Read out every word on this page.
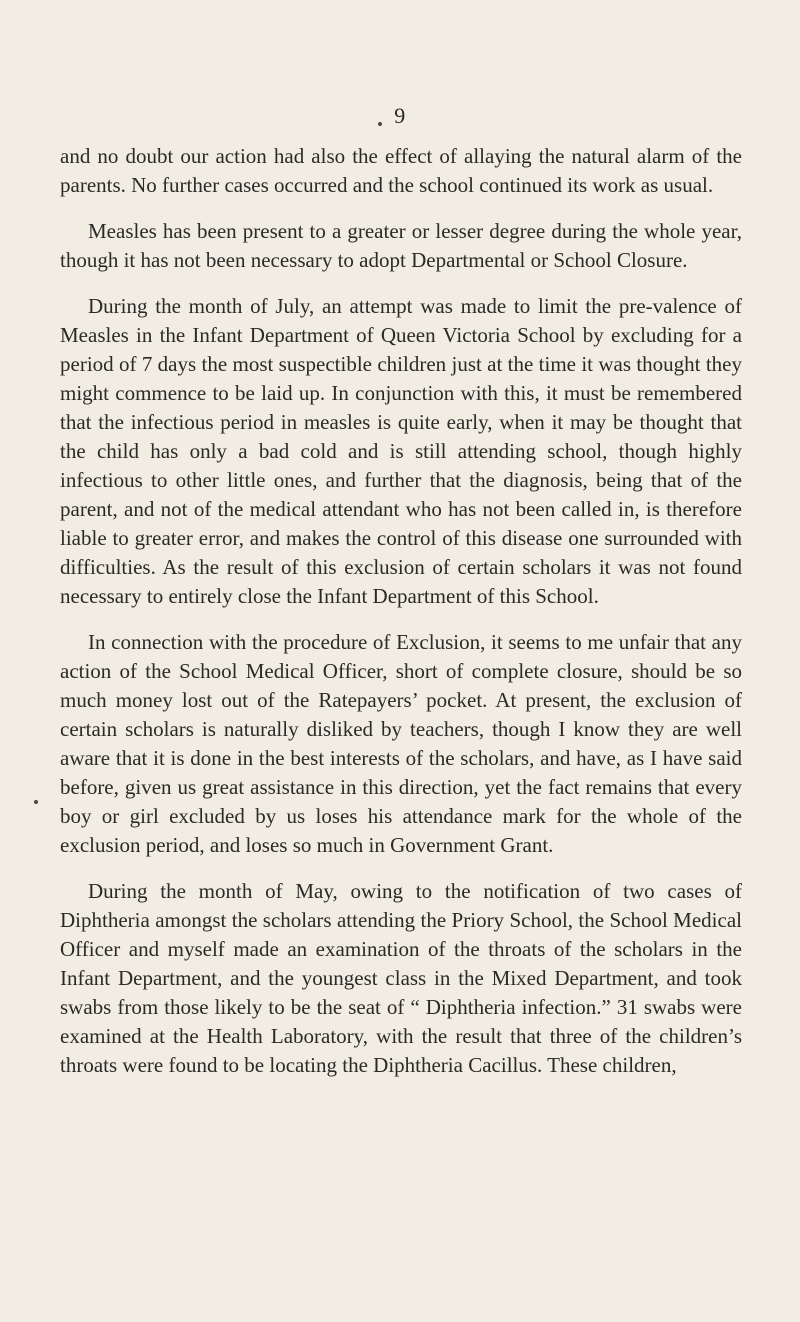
9

and no doubt our action had also the effect of allaying the natural alarm of the parents. No further cases occurred and the school continued its work as usual.

Measles has been present to a greater or lesser degree during the whole year, though it has not been necessary to adopt Departmental or School Closure.

During the month of July, an attempt was made to limit the pre-valence of Measles in the Infant Department of Queen Victoria School by excluding for a period of 7 days the most suspectible children just at the time it was thought they might commence to be laid up. In conjunction with this, it must be remembered that the infectious period in measles is quite early, when it may be thought that the child has only a bad cold and is still attending school, though highly infectious to other little ones, and further that the diagnosis, being that of the parent, and not of the medical attendant who has not been called in, is therefore liable to greater error, and makes the control of this disease one surrounded with difficulties. As the result of this exclusion of certain scholars it was not found necessary to entirely close the Infant Department of this School.

In connection with the procedure of Exclusion, it seems to me unfair that any action of the School Medical Officer, short of complete closure, should be so much money lost out of the Ratepayers’ pocket. At present, the exclusion of certain scholars is naturally disliked by teachers, though I know they are well aware that it is done in the best interests of the scholars, and have, as I have said before, given us great assistance in this direction, yet the fact remains that every boy or girl excluded by us loses his attendance mark for the whole of the exclusion period, and loses so much in Government Grant.

During the month of May, owing to the notification of two cases of Diphtheria amongst the scholars attending the Priory School, the School Medical Officer and myself made an examination of the throats of the scholars in the Infant Department, and the youngest class in the Mixed Department, and took swabs from those likely to be the seat of “ Diphtheria infection.” 31 swabs were examined at the Health Laboratory, with the result that three of the children’s throats were found to be locating the Diphtheria Cacillus. These children,
